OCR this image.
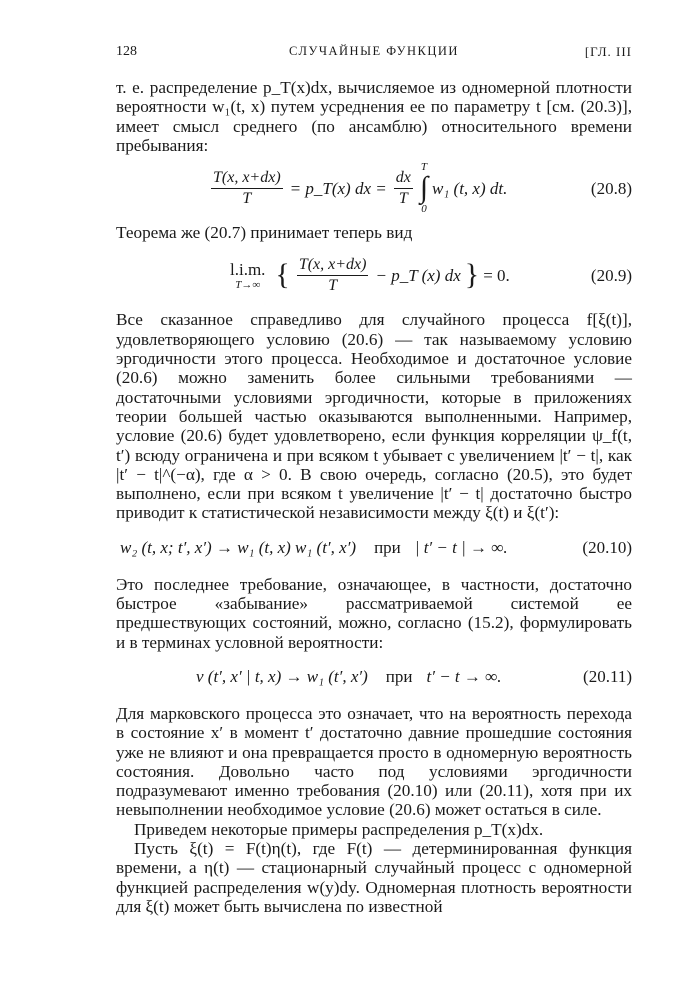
128	СЛУЧАЙНЫЕ ФУНКЦИИ	[ГЛ. III

т. е. распределение p_T(x)dx, вычисляемое из одномерной плотности вероятности w₁(t, x) путем усреднения ее по параметру t [см. (20.3)], имеет смысл среднего (по ансамблю) относительного времени пребывания:

$\frac{T(x, x+dx)}{T}$ = p_T(x) dx = $\frac{dx}{T}$
T
∫
0
w₁ (t, x) dt.	(20.8)

Теорема же (20.7) принимает теперь вид

l.i.m.
T→∞ { $\frac{T(x, x+dx)}{T}$ − p_T (x) dx } = 0.	(20.9)

Все сказанное справедливо для случайного процесса f[ξ(t)], удовлетворяющего условию (20.6) — так называемому условию эргодичности этого процесса. Необходимое и достаточное условие (20.6) можно заменить более сильными требованиями — достаточными условиями эргодичности, которые в приложениях теории большей частью оказываются выполненными. Например, условие (20.6) будет удовлетворено, если функция корреляции ψ_f(t, t′) всюду ограничена и при всяком t убывает с увеличением |t′ − t|, как |t′ − t|^(−α), где α > 0. В свою очередь, согласно (20.5), это будет выполнено, если при всяком t увеличение |t′ − t| достаточно быстро приводит к статистической независимости между ξ(t) и ξ(t′):

w₂ (t, x; t′, x′) → w₁ (t, x) w₁ (t′, x′) при | t′ − t | → ∞.	(20.10)

Это последнее требование, означающее, в частности, достаточно быстрое «забывание» рассматриваемой системой ее предшествующих состояний, можно, согласно (15.2), формулировать и в терминах условной вероятности:

v (t′, x′ | t, x) → w₁ (t′, x′) при t′ − t → ∞.	(20.11)

Для марковского процесса это означает, что на вероятность перехода в состояние x′ в момент t′ достаточно давние прошедшие состояния уже не влияют и она превращается просто в одномерную вероятность состояния. Довольно часто под условиями эргодичности подразумевают именно требования (20.10) или (20.11), хотя при их невыполнении необходимое условие (20.6) может остаться в силе.

Приведем некоторые примеры распределения p_T(x)dx.

Пусть ξ(t) = F(t)η(t), где F(t) — детерминированная функция времени, а η(t) — стационарный случайный процесс с одномерной функцией распределения w(y)dy. Одномерная плотность вероятности для ξ(t) может быть вычислена по известной
